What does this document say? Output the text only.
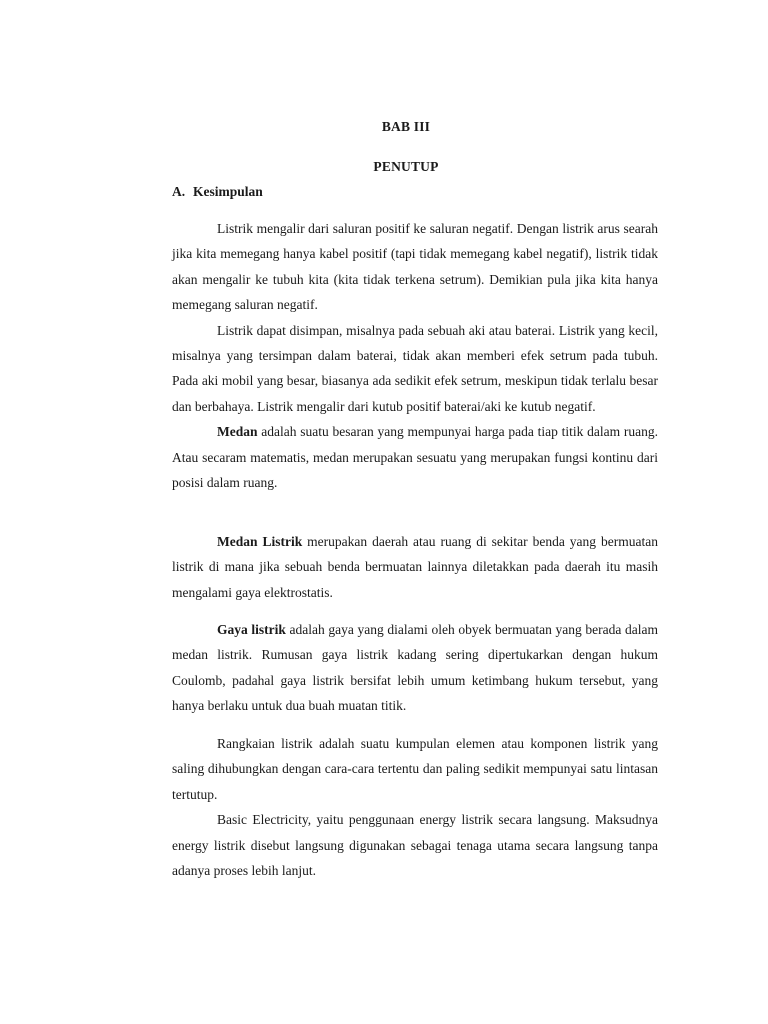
BAB III
PENUTUP
A. Kesimpulan

Listrik mengalir dari saluran positif ke saluran negatif. Dengan listrik arus searah jika kita memegang hanya kabel positif (tapi tidak memegang kabel negatif), listrik tidak akan mengalir ke tubuh kita (kita tidak terkena setrum). Demikian pula jika kita hanya memegang saluran negatif.

Listrik dapat disimpan, misalnya pada sebuah aki atau baterai. Listrik yang kecil, misalnya yang tersimpan dalam baterai, tidak akan memberi efek setrum pada tubuh. Pada aki mobil yang besar, biasanya ada sedikit efek setrum, meskipun tidak terlalu besar dan berbahaya. Listrik mengalir dari kutub positif baterai/aki ke kutub negatif.

Medan adalah suatu besaran yang mempunyai harga pada tiap titik dalam ruang. Atau secaram matematis, medan merupakan sesuatu yang merupakan fungsi kontinu dari posisi dalam ruang.

Medan Listrik merupakan daerah atau ruang di sekitar benda yang bermuatan listrik di mana jika sebuah benda bermuatan lainnya diletakkan pada daerah itu masih mengalami gaya elektrostatis.

Gaya listrik adalah gaya yang dialami oleh obyek bermuatan yang berada dalam medan listrik. Rumusan gaya listrik kadang sering dipertukarkan dengan hukum Coulomb, padahal gaya listrik bersifat lebih umum ketimbang hukum tersebut, yang hanya berlaku untuk dua buah muatan titik.

Rangkaian listrik adalah suatu kumpulan elemen atau komponen listrik yang saling dihubungkan dengan cara-cara tertentu dan paling sedikit mempunyai satu lintasan tertutup.

Basic Electricity, yaitu penggunaan energy listrik secara langsung. Maksudnya energy listrik disebut langsung digunakan sebagai tenaga utama secara langsung tanpa adanya proses lebih lanjut.
